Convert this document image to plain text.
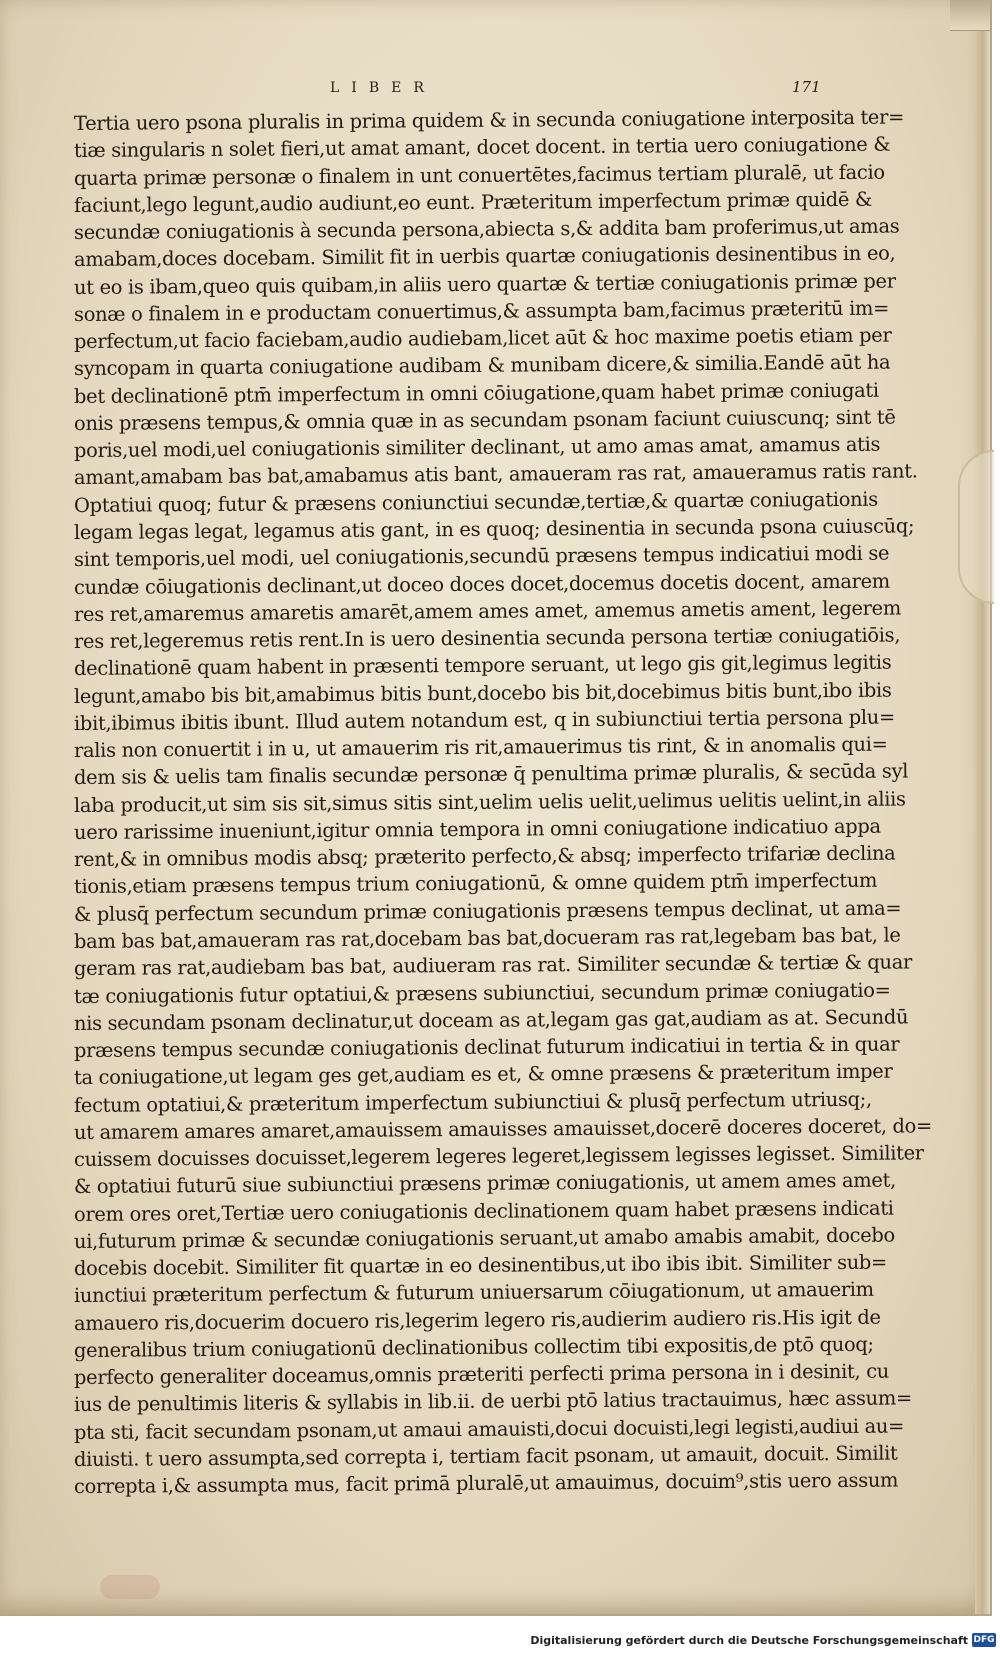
LIBER	171
Tertia uero psona pluralis in prima quidem & in secunda coniugatione interposita ter=
tiæ singularis n solet fieri,ut amat amant, docet docent. in tertia uero coniugatione &
quarta primæ personæ o finalem in unt conuertētes,facimus tertiam pluralē, ut facio
faciunt,lego legunt,audio audiunt,eo eunt. Præteritum imperfectum primæ quidē &
secundæ coniugationis à secunda persona,abiecta s,& addita bam proferimus,ut amas
amabam,doces docebam. Similit fit in uerbis quartæ coniugationis desinentibus in eo,
ut eo is ibam,queo quis quibam,in aliis uero quartæ & tertiæ coniugationis primæ per
sonæ o finalem in e productam conuertimus,& assumpta bam,facimus præteritū im=
perfectum,ut facio faciebam,audio audiebam,licet aūt & hoc maxime poetis etiam per
syncopam in quarta coniugatione audibam & munibam dicere,& similia.Eandē aūt ha
bet declinationē ptm̄ imperfectum in omni cōiugatione,quam habet primæ coniugati
onis præsens tempus,& omnia quæ in as secundam psonam faciunt cuiuscunq; sint tē
poris,uel modi,uel coniugationis similiter declinant, ut amo amas amat, amamus atis
amant,amabam bas bat,amabamus atis bant, amaueram ras rat, amaueramus ratis rant.
Optatiui quoq; futur & præsens coniunctiui secundæ,tertiæ,& quartæ coniugationis
legam legas legat, legamus atis gant, in es quoq; desinentia in secunda psona cuiuscūq;
sint temporis,uel modi, uel coniugationis,secundū præsens tempus indicatiui modi se
cundæ cōiugationis declinant,ut doceo doces docet,docemus docetis docent, amarem
res ret,amaremus amaretis amarēt,amem ames amet, amemus ametis ament, legerem
res ret,legeremus retis rent.In is uero desinentia secunda persona tertiæ coniugatiōis,
declinationē quam habent in præsenti tempore seruant, ut lego gis git,legimus legitis
legunt,amabo bis bit,amabimus bitis bunt,docebo bis bit,docebimus bitis bunt,ibo ibis
ibit,ibimus ibitis ibunt. Illud autem notandum est, q in subiunctiui tertia persona plu=
ralis non conuertit i in u, ut amauerim ris rit,amauerimus tis rint, & in anomalis qui=
dem sis & uelis tam finalis secundæ personæ q̄ penultima primæ pluralis, & secūda syl
laba producit,ut sim sis sit,simus sitis sint,uelim uelis uelit,uelimus uelitis uelint,in aliis
uero rarissime inueniunt,igitur omnia tempora in omni coniugatione indicatiuo appa
rent,& in omnibus modis absq; præterito perfecto,& absq; imperfecto trifariæ declina
tionis,etiam præsens tempus trium coniugationū, & omne quidem ptm̄ imperfectum
& plusq̄ perfectum secundum primæ coniugationis præsens tempus declinat, ut ama=
bam bas bat,amaueram ras rat,docebam bas bat,docueram ras rat,legebam bas bat, le
geram ras rat,audiebam bas bat, audiueram ras rat. Similiter secundæ & tertiæ & quar
tæ coniugationis futur optatiui,& præsens subiunctiui, secundum primæ coniugatio=
nis secundam psonam declinatur,ut doceam as at,legam gas gat,audiam as at. Secundū
præsens tempus secundæ coniugationis declinat futurum indicatiui in tertia & in quar
ta coniugatione,ut legam ges get,audiam es et, & omne præsens & præteritum imper
fectum optatiui,& præteritum imperfectum subiunctiui & plusq̄ perfectum utriusq;,
ut amarem amares amaret,amauissem amauisses amauisset,docerē doceres doceret, do=
cuissem docuisses docuisset,legerem legeres legeret,legissem legisses legisset. Similiter
& optatiui futurū siue subiunctiui præsens primæ coniugationis, ut amem ames amet,
orem ores oret,Tertiæ uero coniugationis declinationem quam habet præsens indicati
ui,futurum primæ & secundæ coniugationis seruant,ut amabo amabis amabit, docebo
docebis docebit. Similiter fit quartæ in eo desinentibus,ut ibo ibis ibit. Similiter sub=
iunctiui præteritum perfectum & futurum uniuersarum cōiugationum, ut amauerim
amauero ris,docuerim docuero ris,legerim legero ris,audierim audiero ris.His igit de
generalibus trium coniugationū declinationibus collectim tibi expositis,de ptō quoq;
perfecto generaliter doceamus,omnis præteriti perfecti prima persona in i desinit, cu
ius de penultimis literis & syllabis in lib.ii. de uerbi ptō latius tractauimus, hæc assum=
pta sti, facit secundam psonam,ut amaui amauisti,docui docuisti,legi legisti,audiui au=
diuisti. t uero assumpta,sed correpta i, tertiam facit psonam, ut amauit, docuit. Similit
correpta i,& assumpta mus, facit primā pluralē,ut amauimus, docuim⁹,stis uero assum
Digitalisierung gefördert durch die Deutsche Forschungsgemeinschaft DFG
